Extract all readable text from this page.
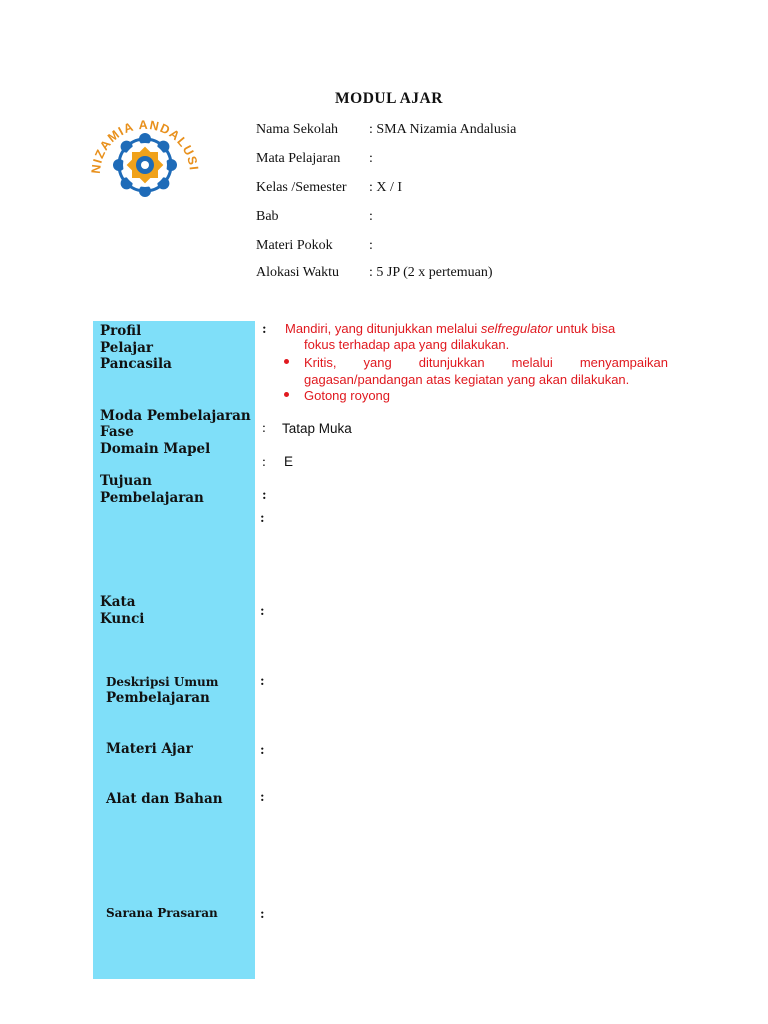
MODUL AJAR
NIZAMIA ANDALUSI
Nama Sekolah : SMA Nizamia Andalusia
Mata Pelajaran :
Kelas /Semester : X / I
Bab	:
Materi Pokok	:
Alokasi Waktu : 5 JP (2 x pertemuan)
Profil
Pelajar
Pancasila
Moda Pembelajaran
Fase
Domain Mapel
Tujuan
Pembelajaran
Kata
Kunci
Deskripsi Umum
Pembelajaran
Materi Ajar
Alat dan Bahan
Sarana Prasaran
: Mandiri, yang ditunjukkan melalui selfregulator untuk bisa
fokus terhadap apa yang dilakukan.
Kritis, yang ditunjukkan melalui menyampaikan
gagasan/pandangan atas kegiatan yang akan dilakukan.
Gotong royong
: Tatap Muka
: E
:
:
:
:
:
:
:
